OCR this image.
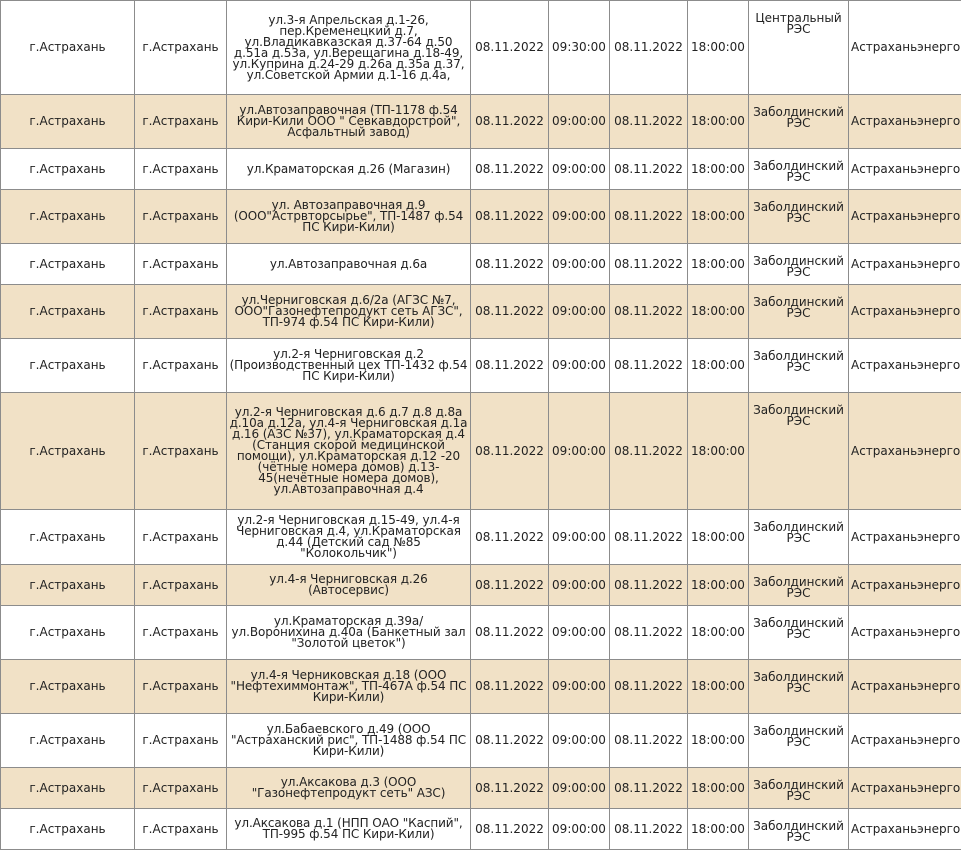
г.Астрахань	г.Астрахань	ул.3-я Апрельская д.1-26, пер.Кременецкий д.7, ул.Владикавказская д.37-64 д.50 д.51а д.53а, ул.Верещагина д.18-49, ул.Куприна д.24-29 д.26а д.35а д.37, ул.Советской Армии д.1-16 д.4а,	08.11.2022	09:30:00	08.11.2022	18:00:00	Центральный РЭС	Астраханьэнерго
г.Астрахань	г.Астрахань	ул.Автозаправочная (ТП-1178 ф.54 Кири-Кили ООО " Севкавдорстрой", Асфальтный завод)	08.11.2022	09:00:00	08.11.2022	18:00:00	Заболдинский РЭС	Астраханьэнерго
г.Астрахань	г.Астрахань	ул.Краматорская д.26 (Магазин)	08.11.2022	09:00:00	08.11.2022	18:00:00	Заболдинский РЭС	Астраханьэнерго
г.Астрахань	г.Астрахань	ул. Автозаправочная д.9 (ООО"Астрвторсырье", ТП-1487 ф.54 ПС Кири-Кили)	08.11.2022	09:00:00	08.11.2022	18:00:00	Заболдинский РЭС	Астраханьэнерго
г.Астрахань	г.Астрахань	ул.Автозаправочная д.6а	08.11.2022	09:00:00	08.11.2022	18:00:00	Заболдинский РЭС	Астраханьэнерго
г.Астрахань	г.Астрахань	ул.Черниговская д.6/2а (АГЗС №7, ООО"Газонефтепродукт сеть АГЗС", ТП-974 ф.54 ПС Кири-Кили)	08.11.2022	09:00:00	08.11.2022	18:00:00	Заболдинский РЭС	Астраханьэнерго
г.Астрахань	г.Астрахань	ул.2-я Черниговская д.2 (Производственный цех ТП-1432 ф.54 ПС Кири-Кили)	08.11.2022	09:00:00	08.11.2022	18:00:00	Заболдинский РЭС	Астраханьэнерго
г.Астрахань	г.Астрахань	ул.2-я Черниговская д.6 д.7 д.8 д.8а д.10а д.12а, ул.4-я Черниговская д.1а д.16 (АЗС №37), ул.Краматорская д.4 (Станция скорой медицинской помощи), ул.Краматорская д.12 -20 (чётные номера домов) д.13-45(нечётные номера домов), ул.Автозаправочная д.4	08.11.2022	09:00:00	08.11.2022	18:00:00	Заболдинский РЭС	Астраханьэнерго
г.Астрахань	г.Астрахань	ул.2-я Черниговская д.15-49, ул.4-я Черниговская д.4, ул.Краматорская д.44 (Детский сад №85 "Колокольчик")	08.11.2022	09:00:00	08.11.2022	18:00:00	Заболдинский РЭС	Астраханьэнерго
г.Астрахань	г.Астрахань	ул.4-я Черниговская д.26 (Автосервис)	08.11.2022	09:00:00	08.11.2022	18:00:00	Заболдинский РЭС	Астраханьэнерго
г.Астрахань	г.Астрахань	ул.Краматорская д.39а/ ул.Воронихина д.40а (Банкетный зал "Золотой цветок")	08.11.2022	09:00:00	08.11.2022	18:00:00	Заболдинский РЭС	Астраханьэнерго
г.Астрахань	г.Астрахань	ул.4-я Черниковская д.18 (ООО "Нефтехиммонтаж", ТП-467А ф.54 ПС Кири-Кили)	08.11.2022	09:00:00	08.11.2022	18:00:00	Заболдинский РЭС	Астраханьэнерго
г.Астрахань	г.Астрахань	ул.Бабаевского д.49 (ООО "Астраханский рис", ТП-1488 ф.54 ПС Кири-Кили)	08.11.2022	09:00:00	08.11.2022	18:00:00	Заболдинский РЭС	Астраханьэнерго
г.Астрахань	г.Астрахань	ул.Аксакова д.3 (ООО "Газонефтепродукт сеть" АЗС)	08.11.2022	09:00:00	08.11.2022	18:00:00	Заболдинский РЭС	Астраханьэнерго
г.Астрахань	г.Астрахань	ул.Аксакова д.1 (НПП ОАО "Каспий", ТП-995 ф.54 ПС Кири-Кили)	08.11.2022	09:00:00	08.11.2022	18:00:00	Заболдинский РЭС	Астраханьэнерго
